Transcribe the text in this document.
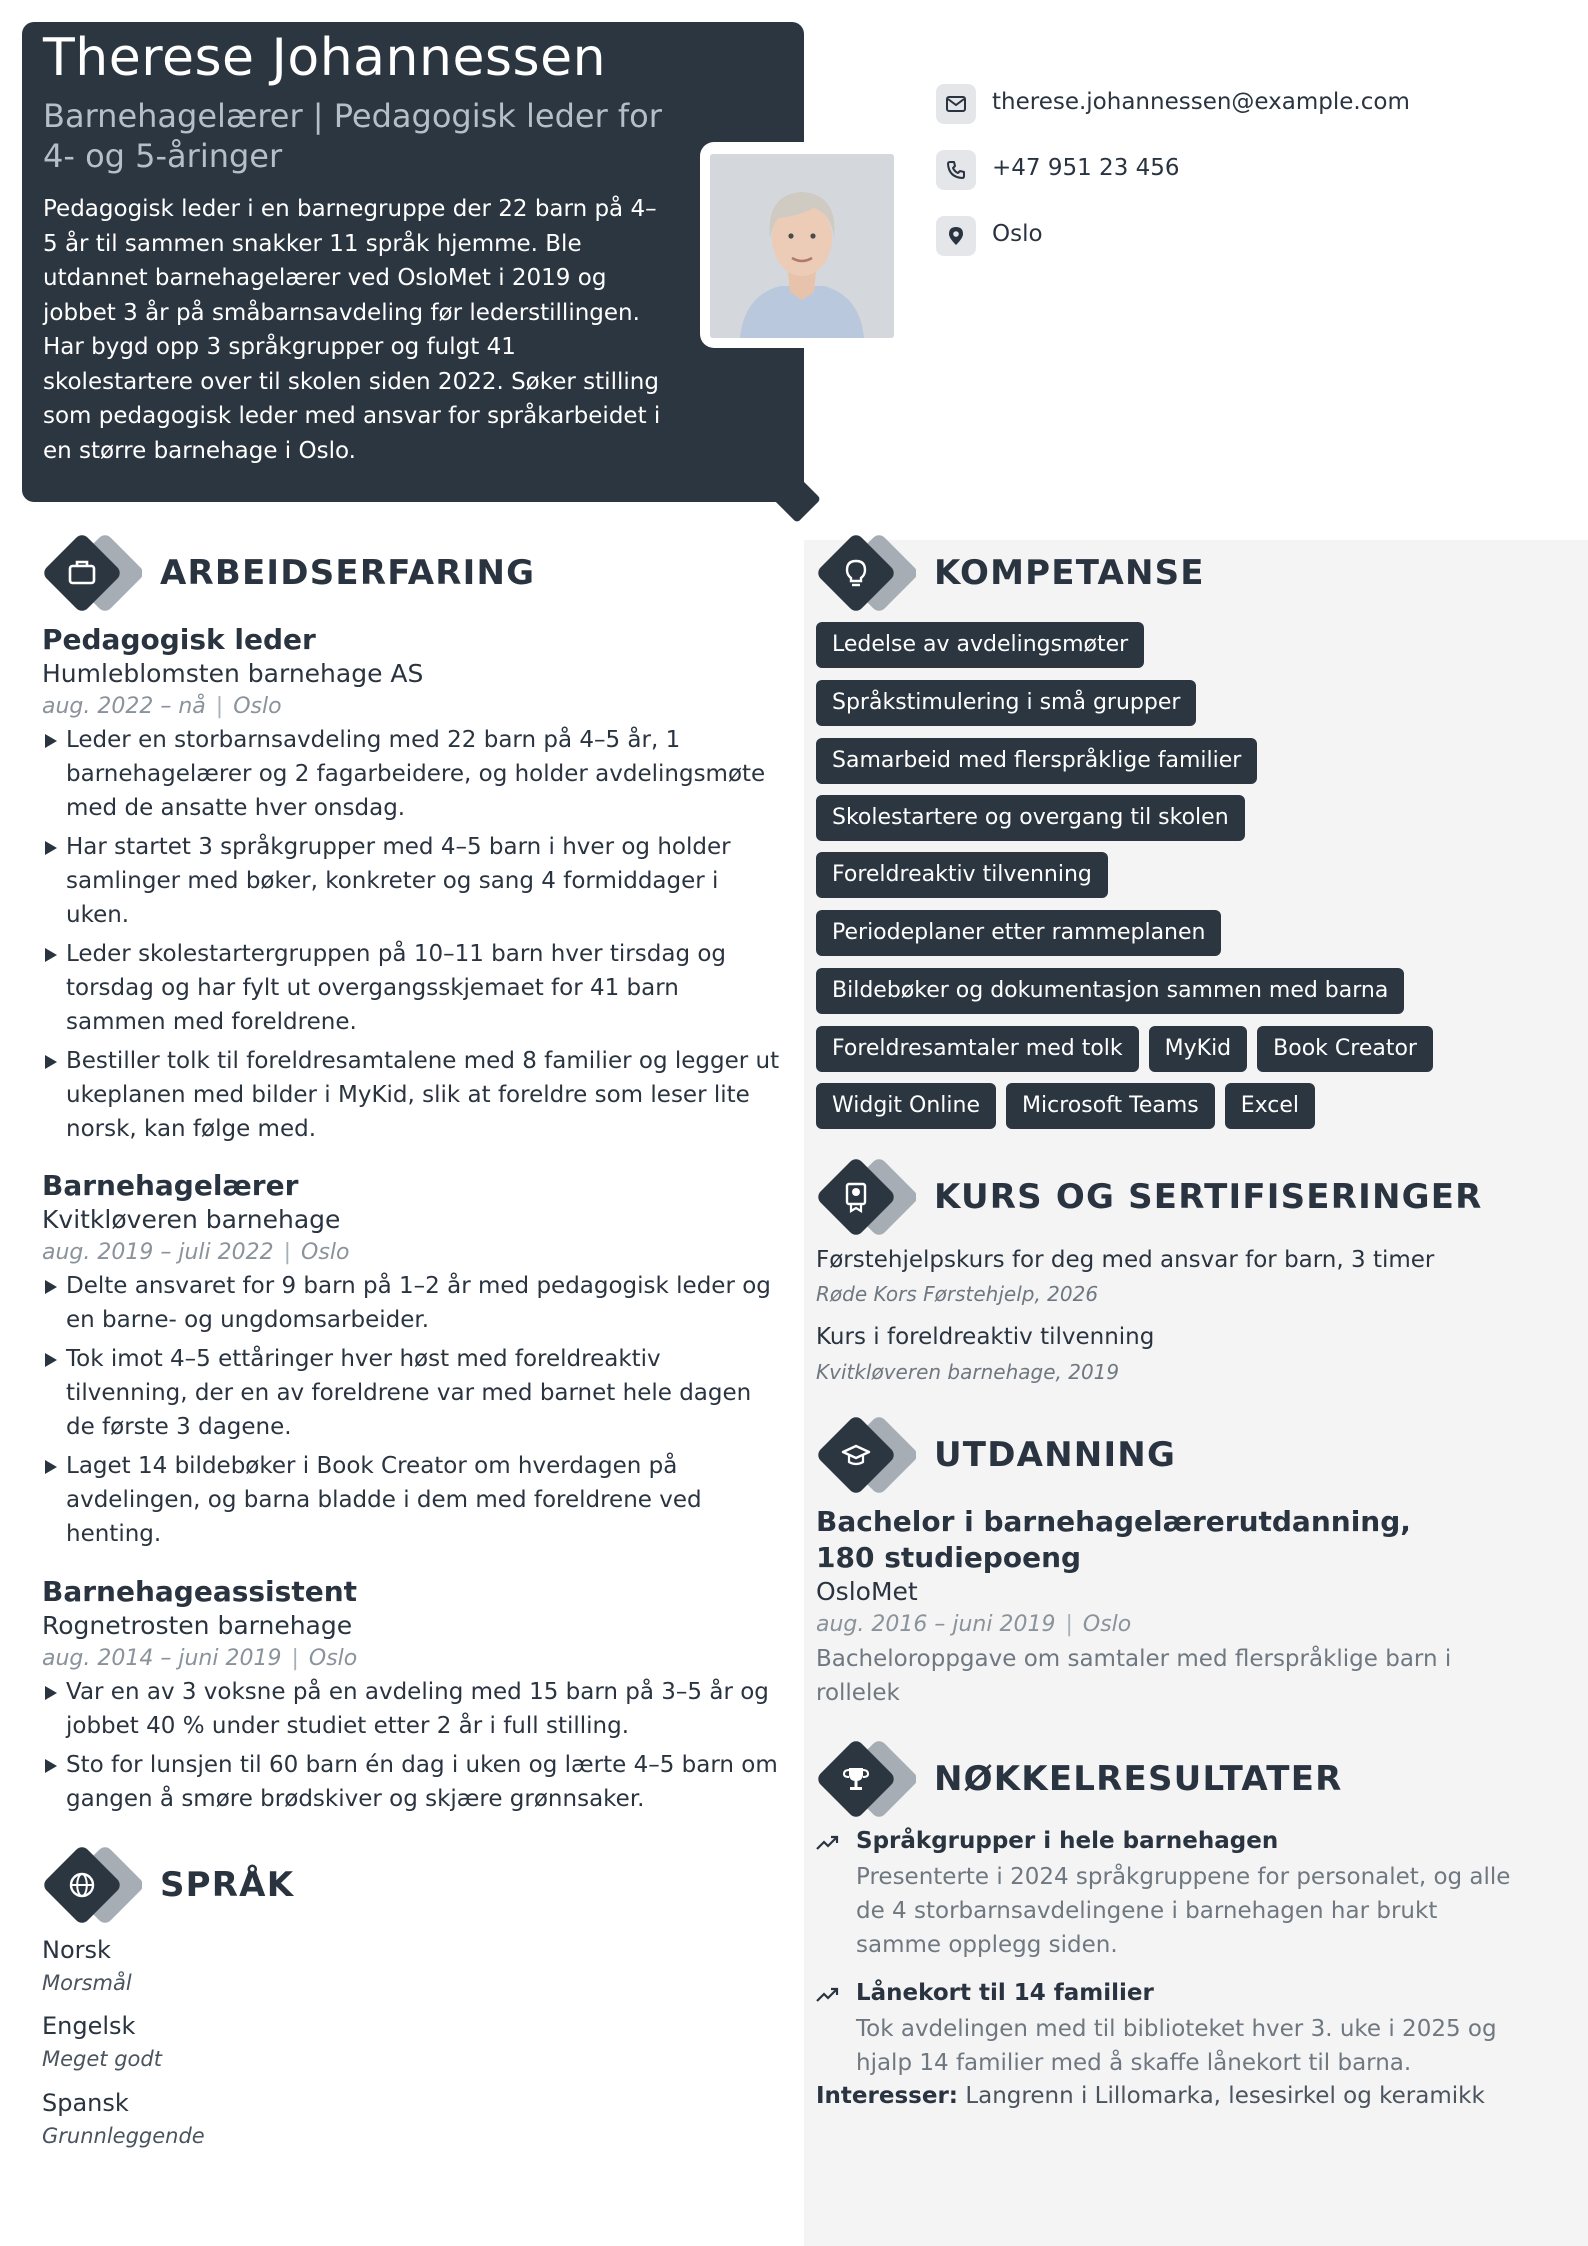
Therese Johannessen
Barnehagelærer | Pedagogisk leder for 4- og 5-åringer
Pedagogisk leder i en barnegruppe der 22 barn på 4–5 år til sammen snakker 11 språk hjemme. Ble utdannet barnehagelærer ved OsloMet i 2019 og jobbet 3 år på småbarnsavdeling før lederstillingen. Har bygd opp 3 språkgrupper og fulgt 41 skolestartere over til skolen siden 2022. Søker stilling som pedagogisk leder med ansvar for språkarbeidet i en større barnehage i Oslo.
therese.johannessen@example.com
+47 951 23 456
Oslo
ARBEIDSERFARING
Pedagogisk leder
Humleblomsten barnehage AS
aug. 2022 – nå | Oslo
Leder en storbarnsavdeling med 22 barn på 4–5 år, 1 barnehagelærer og 2 fagarbeidere, og holder avdelingsmøte med de ansatte hver onsdag.
Har startet 3 språkgrupper med 4–5 barn i hver og holder samlinger med bøker, konkreter og sang 4 formiddager i uken.
Leder skolestartergruppen på 10–11 barn hver tirsdag og torsdag og har fylt ut overgangsskjemaet for 41 barn sammen med foreldrene.
Bestiller tolk til foreldresamtalene med 8 familier og legger ut ukeplanen med bilder i MyKid, slik at foreldre som leser lite norsk, kan følge med.
Barnehagelærer
Kvitkløveren barnehage
aug. 2019 – juli 2022 | Oslo
Delte ansvaret for 9 barn på 1–2 år med pedagogisk leder og en barne- og ungdomsarbeider.
Tok imot 4–5 ettåringer hver høst med foreldreaktiv tilvenning, der en av foreldrene var med barnet hele dagen de første 3 dagene.
Laget 14 bildebøker i Book Creator om hverdagen på avdelingen, og barna bladde i dem med foreldrene ved henting.
Barnehageassistent
Rognetrosten barnehage
aug. 2014 – juni 2019 | Oslo
Var en av 3 voksne på en avdeling med 15 barn på 3–5 år og jobbet 40 % under studiet etter 2 år i full stilling.
Sto for lunsjen til 60 barn én dag i uken og lærte 4–5 barn om gangen å smøre brødskiver og skjære grønnsaker.
SPRÅK
Norsk
Morsmål
Engelsk
Meget godt
Spansk
Grunnleggende
KOMPETANSE
Ledelse av avdelingsmøter
Språkstimulering i små grupper
Samarbeid med flerspråklige familier
Skolestartere og overgang til skolen
Foreldreaktiv tilvenning
Periodeplaner etter rammeplanen
Bildebøker og dokumentasjon sammen med barna
Foreldresamtaler med tolk MyKid Book Creator
Widgit Online Microsoft Teams Excel
KURS OG SERTIFISERINGER
Førstehjelpskurs for deg med ansvar for barn, 3 timer
Røde Kors Førstehjelp, 2026
Kurs i foreldreaktiv tilvenning
Kvitkløveren barnehage, 2019
UTDANNING
Bachelor i barnehagelærerutdanning, 180 studiepoeng
OsloMet
aug. 2016 – juni 2019 | Oslo
Bacheloroppgave om samtaler med flerspråklige barn i rollelek
NØKKELRESULTATER
Språkgrupper i hele barnehagen
Presenterte i 2024 språkgruppene for personalet, og alle de 4 storbarnsavdelingene i barnehagen har brukt samme opplegg siden.
Lånekort til 14 familier
Tok avdelingen med til biblioteket hver 3. uke i 2025 og hjalp 14 familier med å skaffe lånekort til barna.
Interesser: Langrenn i Lillomarka, lesesirkel og keramikk
